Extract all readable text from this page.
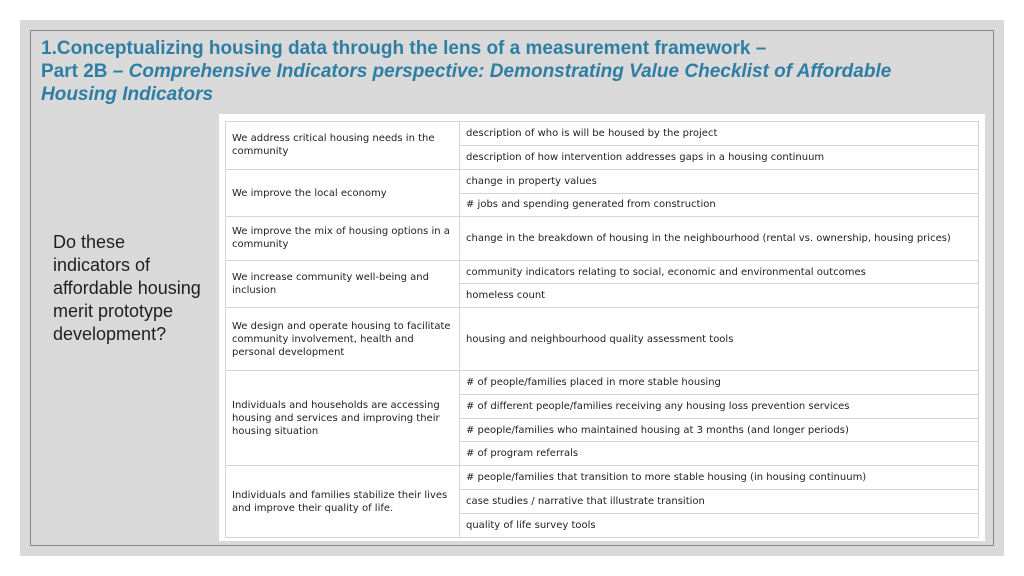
1.Conceptualizing housing data through the lens of a measurement framework –
Part 2B – Comprehensive Indicators perspective: Demonstrating Value Checklist of Affordable Housing Indicators
Do these indicators of affordable housing merit prototype development?
We address critical housing needs in the community	description of who is will be housed by the project
	description of how intervention addresses gaps in a housing continuum
We improve the local economy	change in property values
	# jobs and spending generated from construction
We improve the mix of housing options in a community	change in the breakdown of housing in the neighbourhood (rental vs. ownership, housing prices)
We increase community well-being and inclusion	community indicators relating to social, economic and environmental outcomes
	homeless count
We design and operate housing to facilitate community involvement, health and personal development	housing and neighbourhood quality assessment tools
Individuals and households are accessing housing and services and improving their housing situation	# of people/families placed in more stable housing
	# of different people/families receiving any housing loss prevention services
	# people/families who maintained housing at 3 months (and longer periods)
	# of program referrals
Individuals and families stabilize their lives and improve their quality of life.	# people/families that transition to more stable housing (in housing continuum)
	case studies / narrative that illustrate transition
	quality of life survey tools
